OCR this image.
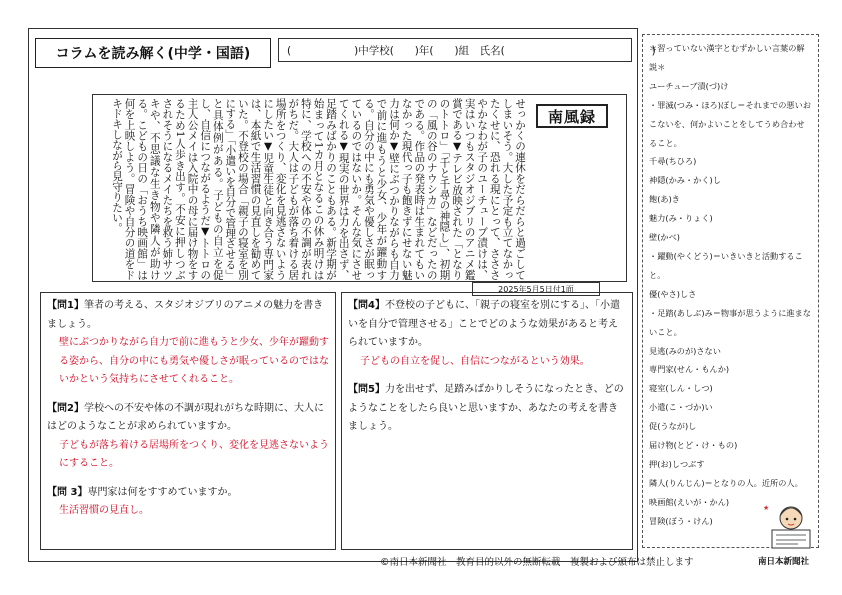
コラムを読み解く(中学・国語)	(　　　　　　)中学校(　　)年(　　)組　氏名(　　　　　　　　　　　　　　)
せっかくの連休をだらだらと過ごしてしまいそう。大した予定も立てなかったくせに、恐れる現にとって、さささやかなわが子のユーチューブ漬けは、実はいつもスタジオジブリのアニメ鑑賞である▼テレビ放映された「となりのトトロ」「千と千尋の神隠し」、初期の「風の谷のナウシカ」などだったのである。作品の発表時は生まれてもいなかった現代っ子も飽きずにせない魅力は何か▼壁にぶつかりながらも自力で前に進もうと少女、少年が躍動する。自分の中にも勇気や優しさが眠っているのではないか。そんな気にさせてくれる▼現実の世界は力を出さず、足踏みばかりのこともある。新学期が始まって1カ月となるこの休み明けは特に、学校への不安や体の不調が表れがちだ。大人は子どもが落ち着ける居場所をつくり、変化を見逃さないようにしたい▼児童生徒と向き合う専門家は、本紙で生活習慣の見直しを勧めていた。不登校の場合「親子の寝室を別にする」「小遣いを自分で管理させる」と具体例がある。子どもの自立を促し、自信につながるようだ▼トトロの主人公メイは入院中の母に届け物をするため1人歩き出す。不安に押しつぶされそうになるメイたちを救う姉サツキや、不思議な生き物や隣人が助ける。こどもの日の「おうち映画館」は何を上映しよう。冒険や自分の道をドキドキしながら見守りたい。	南風録
2025年5月5日付1面
【問1】筆者の考える、スタジオジブリのアニメの魅力を書きましょう。
壁にぶつかりながら自力で前に進もうと少女、少年が躍動する姿から、自分の中にも勇気や優しさが眠っているのではないかという気持ちにさせてくれること。
【問2】学校への不安や体の不調が現れがちな時期に、大人にはどのようなことが求められていますか。
子どもが落ち着ける居場所をつくり、変化を見逃さないようにすること。
【問 3】専門家は何をすすめていますか。
生活習慣の見直し。
【問4】不登校の子どもに、「親子の寝室を別にする」、「小遣いを自分で管理させる」ことでどのような効果があると考えられていますか。
子どもの自立を促し、自信につながるという効果。
【問5】力を出せず、足踏みばかりしそうになったとき、どのようなことをしたら良いと思いますか、あなたの考えを書きましょう。
＊習っていない漢字とむずかしい言葉の解説＊
ユーチューブ漬(づ)け
・罪滅(つみ・ほろ)ぼし＝それまでの悪いおこないを、何かよいことをしてうめ合わせること。
千尋(ちひろ)
神隠(かみ・かく)し
飽(あ)き
魅力(み・りょく)
壁(かべ)
・躍動(やくどう)＝いきいきと活動すること。
優(やさ)しさ
・足踏(あしぶ)み＝物事が思うように進まないこと。
見逃(みのが)さない
専門家(せん・もんか)
寝室(しん・しつ)
小遣(こ・づか)い
促(うなが)し
届け物(とど・け・もの)
押(お)しつぶす
隣人(りんじん)＝となりの人。近所の人。
映画館(えいが・かん)
冒険(ぼう・けん)
★
©南日本新聞社　教育目的以外の無断転載　複製および頒布は禁止します	南日本新聞社
